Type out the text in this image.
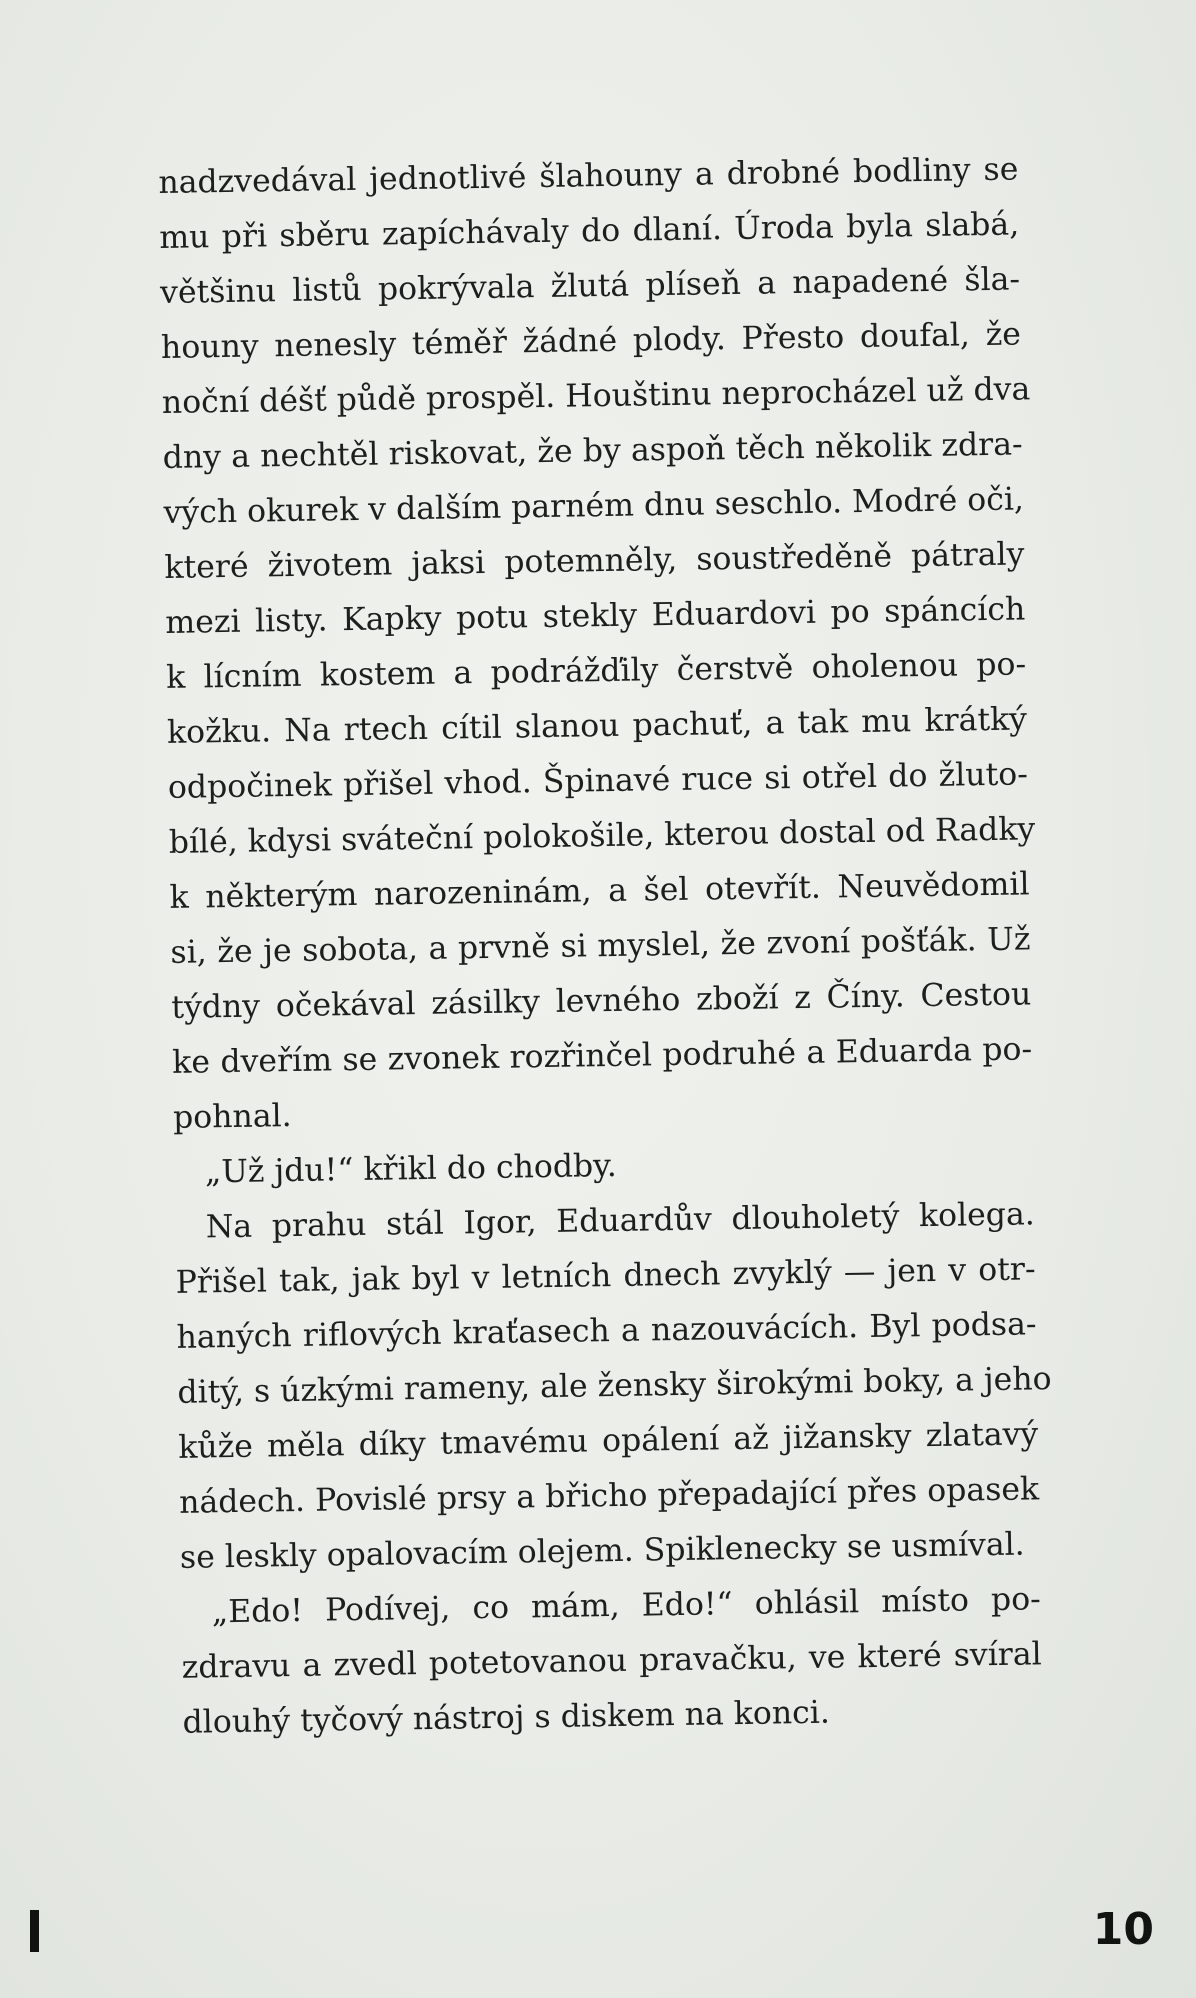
nadzvedával jednotlivé šlahouny a drobné bodliny se
mu při sběru zapíchávaly do dlaní. Úroda byla slabá,
většinu listů pokrývala žlutá plíseň a napadené šla-
houny nenesly téměř žádné plody. Přesto doufal, že
noční déšť půdě prospěl. Houštinu neprocházel už dva
dny a nechtěl riskovat, že by aspoň těch několik zdra-
vých okurek v dalším parném dnu seschlo. Modré oči,
které životem jaksi potemněly, soustředěně pátraly
mezi listy. Kapky potu stekly Eduardovi po spáncích
k lícním kostem a podrážďily čerstvě oholenou po-
kožku. Na rtech cítil slanou pachuť, a tak mu krátký
odpočinek přišel vhod. Špinavé ruce si otřel do žluto-
bílé, kdysi sváteční polokošile, kterou dostal od Radky
k některým narozeninám, a šel otevřít. Neuvědomil
si, že je sobota, a prvně si myslel, že zvoní pošťák. Už
týdny očekával zásilky levného zboží z Číny. Cestou
ke dveřím se zvonek rozřinčel podruhé a Eduarda po-
pohnal.
„Už jdu!“ křikl do chodby.
Na prahu stál Igor, Eduardův dlouholetý kolega.
Přišel tak, jak byl v letních dnech zvyklý — jen v otr-
haných riflových kraťasech a nazouvácích. Byl podsa-
ditý, s úzkými rameny, ale žensky širokými boky, a jeho
kůže měla díky tmavému opálení až jižansky zlatavý
nádech. Povislé prsy a břicho přepadající přes opasek
se leskly opalovacím olejem. Spiklenecky se usmíval.
„Edo! Podívej, co mám, Edo!“ ohlásil místo po-
zdravu a zvedl potetovanou pravačku, ve které svíral
dlouhý tyčový nástroj s diskem na konci.
10
